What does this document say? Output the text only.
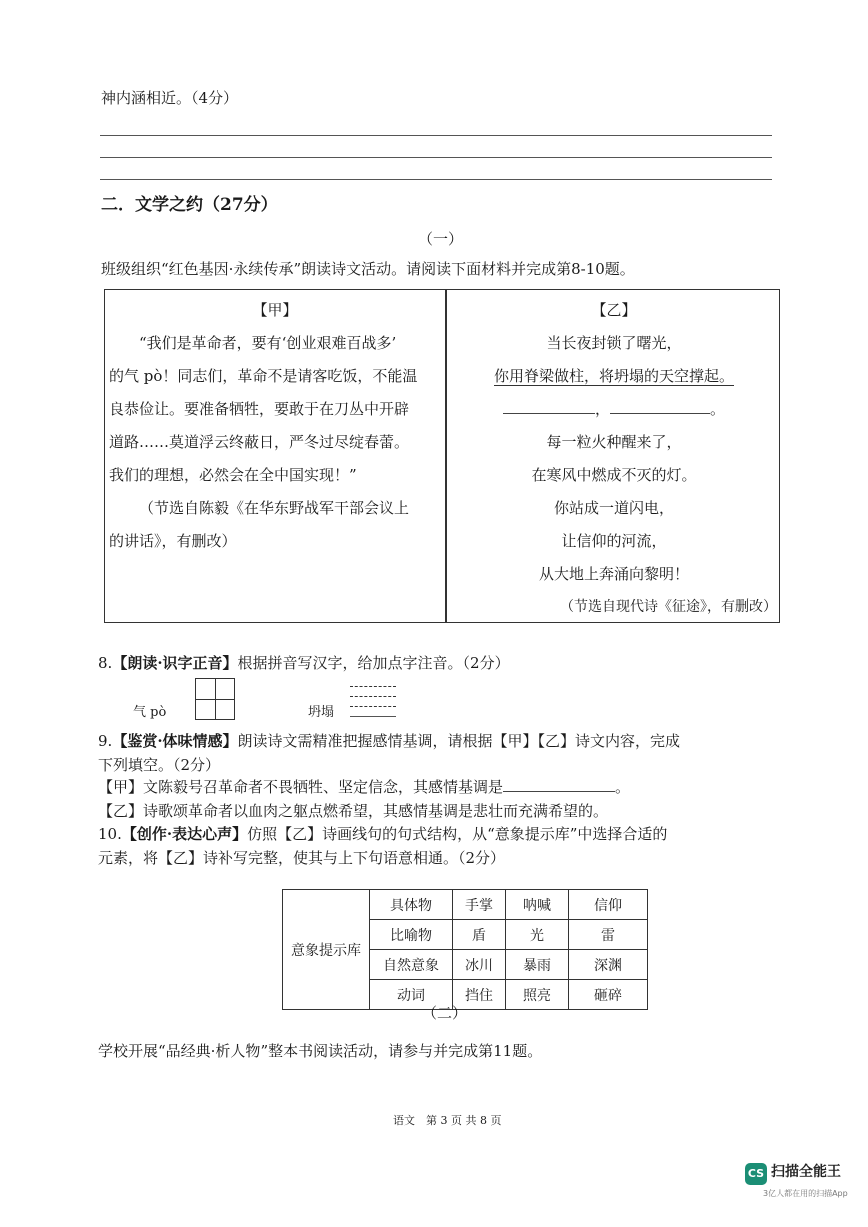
神内涵相近。（4分）
二．文学之约（27分）
（一）
班级组织“红色基因·永续传承”朗读诗文活动。请阅读下面材料并完成第8-10题。

【甲】

“我们是革命者，要有‘创业艰难百战多’

的气 pò！同志们，革命不是请客吃饭，不能温

良恭俭让。要准备牺牲，要敢于在刀丛中开辟

道路……莫道浮云终蔽日，严冬过尽绽春蕾。

我们的理想，必然会在全中国实现！”

（节选自陈毅《在华东野战军干部会议上

的讲话》，有删改）

【乙】

当长夜封锁了曙光，

你用脊梁做柱，将坍塌的天空撑起。

，	。

每一粒火种醒来了，

在寒风中燃成不灭的灯。

你站成一道闪电，

让信仰的河流，

从大地上奔涌向黎明！

（节选自现代诗《征途》，有删改）

8.【朗读·识字正音】根据拼音写汉字，给加点字注音。（2分）
气 pò	坍塌
9.【鉴赏·体味情感】朗读诗文需精准把握感情基调，请根据【甲】【乙】诗文内容，完成
下列填空。（2分）
【甲】文陈毅号召革命者不畏牺牲、坚定信念，其感情基调是	。
【乙】诗歌颂革命者以血肉之躯点燃希望，其感情基调是悲壮而充满希望的。
10.【创作·表达心声】仿照【乙】诗画线句的句式结构，从“意象提示库”中选择合适的
元素，将【乙】诗补写完整，使其与上下句语意相通。（2分）
意象提示库	具体物	手掌	呐喊	信仰
	比喻物	盾	光	雷
	自然意象	冰川	暴雨	深渊
	动词	挡住	照亮	砸碎
（二）
学校开展“品经典·析人物”整本书阅读活动，请参与并完成第11题。
语文　第 3 页 共 8 页
CS 扫描全能王
3亿人都在用的扫描App
